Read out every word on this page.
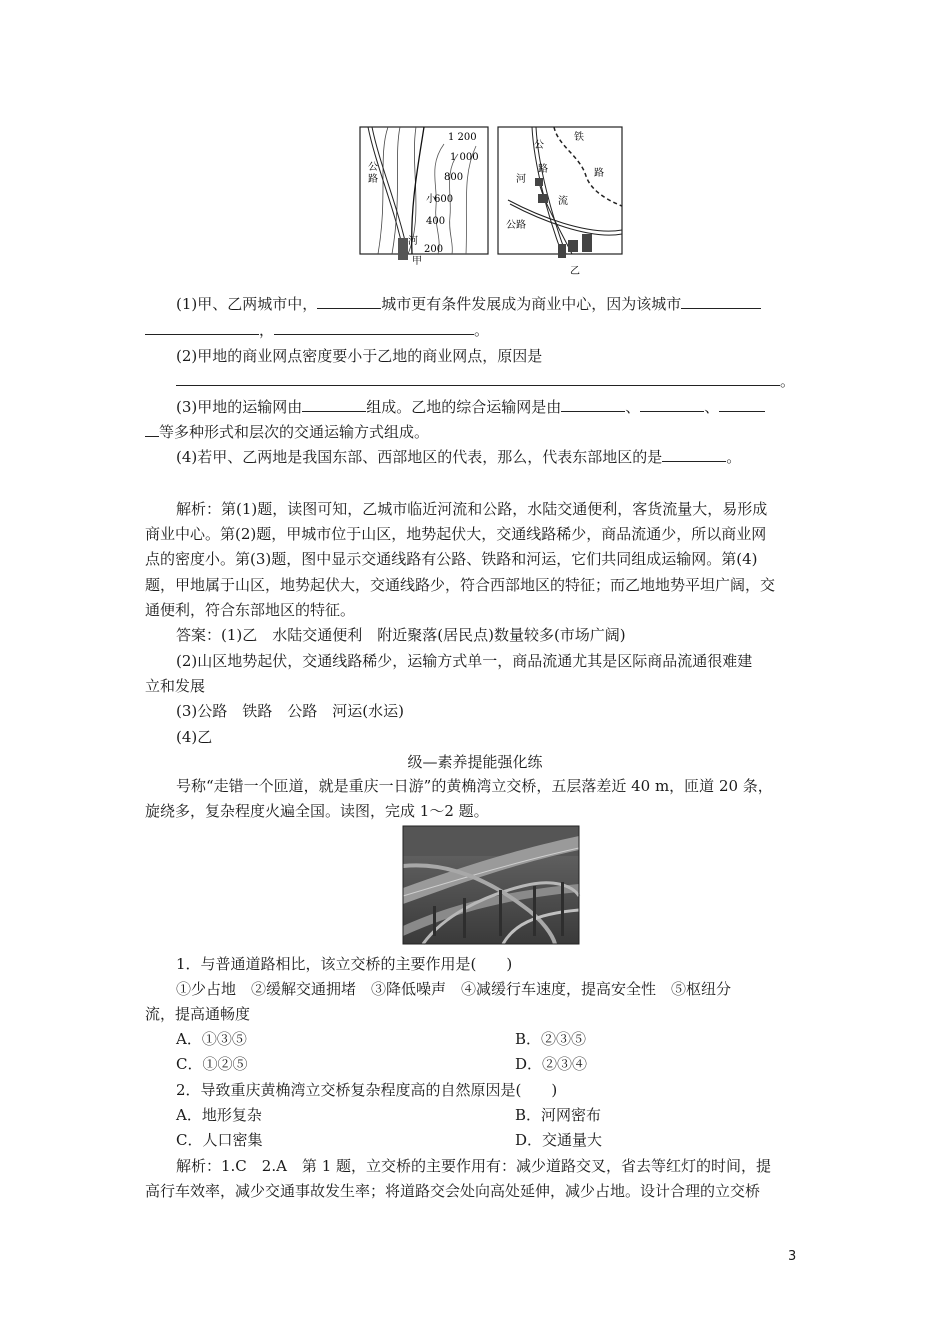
1 200
1 000
800
600
400
200
公
路
小
河
甲
公
路
铁
路
河
流
公路
乙
(1)甲、乙两城市中，	城市更有条件发展成为商业中心，因为该城市
，	。
(2)甲地的商业网点密度要小于乙地的商业网点，原因是
。
(3)甲地的运输网由	组成。乙地的综合运输网是由	、	、
等多种形式和层次的交通运输方式组成。
(4)若甲、乙两地是我国东部、西部地区的代表，那么，代表东部地区的是	。
解析：第(1)题，读图可知，乙城市临近河流和公路，水陆交通便利，客货流量大，易形成
商业中心。第(2)题，甲城市位于山区，地势起伏大，交通线路稀少，商品流通少，所以商业网
点的密度小。第(3)题，图中显示交通线路有公路、铁路和河运，它们共同组成运输网。第(4)
题，甲地属于山区，地势起伏大，交通线路少，符合西部地区的特征；而乙地地势平坦广阔，交
通便利，符合东部地区的特征。
答案：(1)乙　水陆交通便利　附近聚落(居民点)数量较多(市场广阔)
(2)山区地势起伏，交通线路稀少，运输方式单一，商品流通尤其是区际商品流通很难建
立和发展
(3)公路　铁路　公路　河运(水运)
(4)乙
级—素养提能强化练
号称“走错一个匝道，就是重庆一日游”的黄桷湾立交桥，五层落差近 40 m，匝道 20 条，
旋绕多，复杂程度火遍全国。读图，完成 1～2 题。
1．与普通道路相比，该立交桥的主要作用是(　　)
①少占地　②缓解交通拥堵　③降低噪声　④减缓行车速度，提高安全性　⑤枢纽分
流，提高通畅度
A．①③⑤	B．②③⑤
C．①②⑤	D．②③④
2．导致重庆黄桷湾立交桥复杂程度高的自然原因是(　　)
A．地形复杂	B．河网密布
C．人口密集	D．交通量大
解析：1.C　2.A　第 1 题，立交桥的主要作用有：减少道路交叉，省去等红灯的时间，提
高行车效率，减少交通事故发生率；将道路交会处向高处延伸，减少占地。设计合理的立交桥
3
